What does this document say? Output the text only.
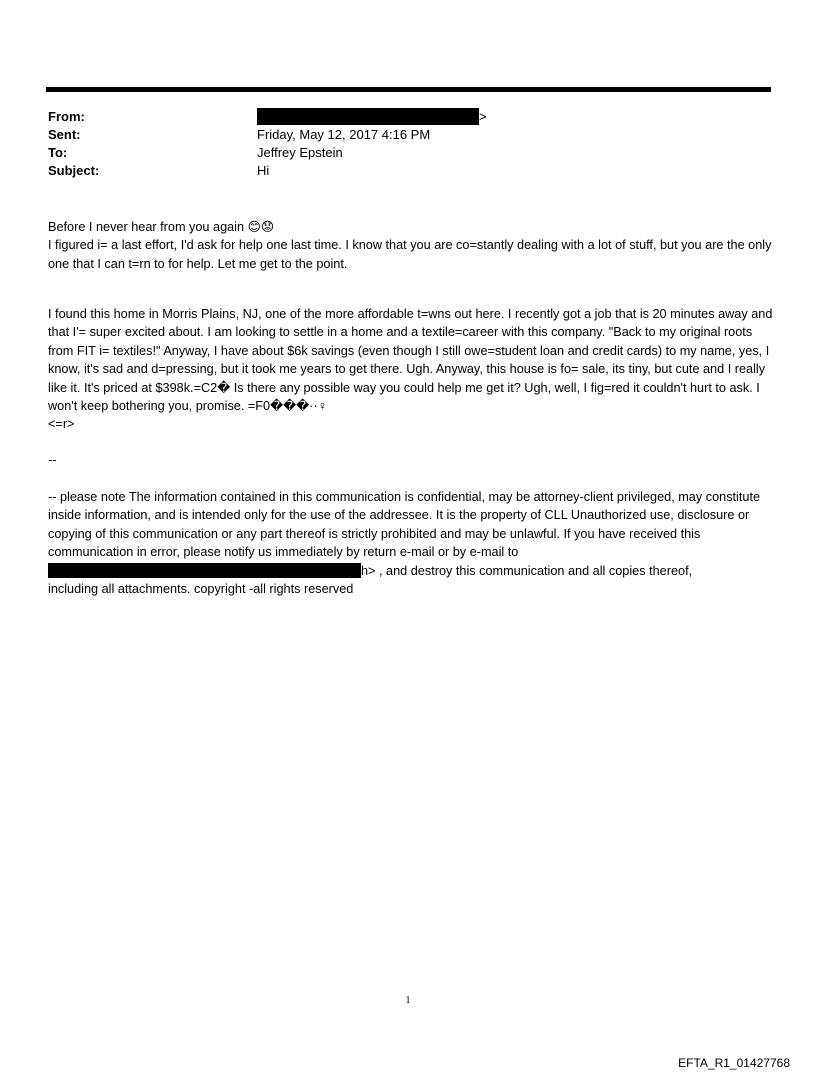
From:	>
Sent:	Friday, May 12, 2017 4:16 PM
To:	Jeffrey Epstein
Subject:	Hi

Before I never hear from you again 😊😟

I figured i= a last effort, I'd ask for help one last time. I know that you are co=stantly dealing with a lot of stuff, but you are the only one that I can t=rn to for help. Let me get to the point.

I found this home in Morris Plains, NJ, one of the more affordable t=wns out here. I recently got a job that is 20 minutes away and that I'= super excited about. I am looking to settle in a home and a textile=career with this company. "Back to my original roots from FIT i= textiles!" Anyway, I have about $6k savings (even though I still owe=student loan and credit cards) to my name, yes, I know, it's sad and d=pressing, but it took me years to get there. Ugh. Anyway, this house is fo= sale, its tiny, but cute and I really like it. It's priced at $398k.=C2� Is there any possible way you could help me get it? Ugh, well, I fig=red it couldn't hurt to ask. I won't keep bothering you, promise. =F0���··♀

<=r>

--

-- please note The information contained in this communication is confidential, may be attorney-client privileged, may constitute inside information, and is intended only for the use of the addressee. It is the property of CLL Unauthorized use, disclosure or copying of this communication or any part thereof is strictly prohibited and may be unlawful. If you have received this communication in error, please notify us immediately by return e-mail or by e-mail to

h> , and destroy this communication and all copies thereof,

including all attachments. copyright -all rights reserved

1
EFTA_R1_01427768
